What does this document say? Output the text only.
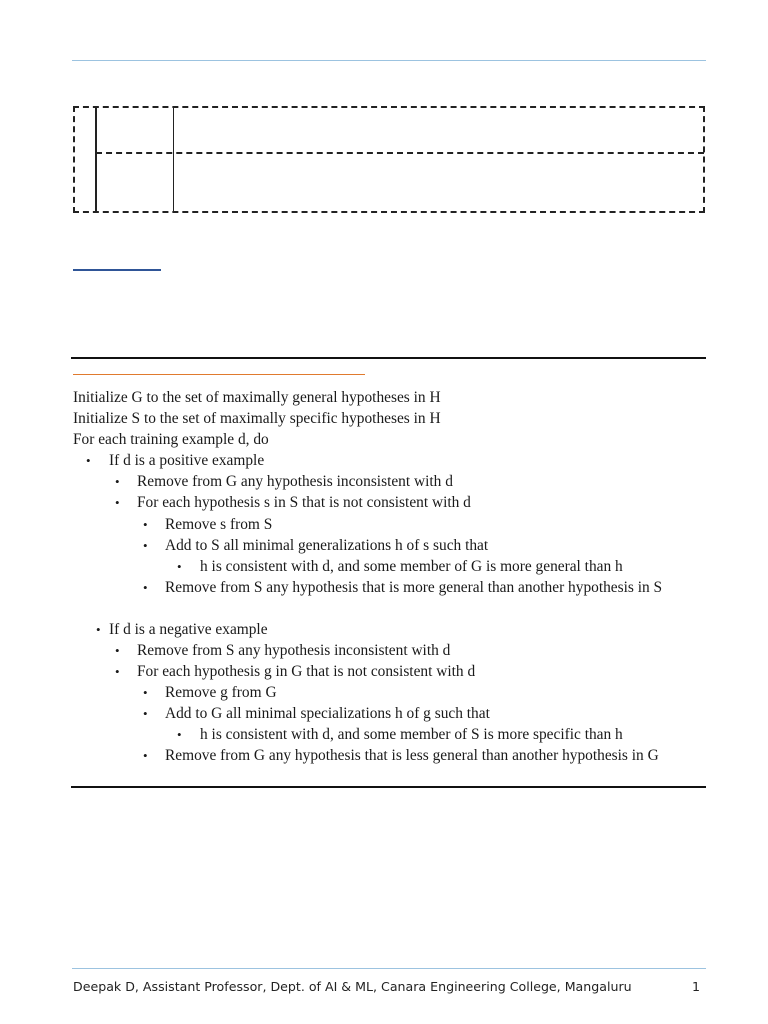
Initialize G to the set of maximally general hypotheses in H
Initialize S to the set of maximally specific hypotheses in H
For each training example d, do
• If d is a positive example
• Remove from G any hypothesis inconsistent with d
• For each hypothesis s in S that is not consistent with d
• Remove s from S
• Add to S all minimal generalizations h of s such that
• h is consistent with d, and some member of G is more general than h
• Remove from S any hypothesis that is more general than another hypothesis in S
• If d is a negative example
• Remove from S any hypothesis inconsistent with d
• For each hypothesis g in G that is not consistent with d
• Remove g from G
• Add to G all minimal specializations h of g such that
• h is consistent with d, and some member of S is more specific than h
• Remove from G any hypothesis that is less general than another hypothesis in G
Deepak D, Assistant Professor, Dept. of AI & ML, Canara Engineering College, Mangaluru	1
